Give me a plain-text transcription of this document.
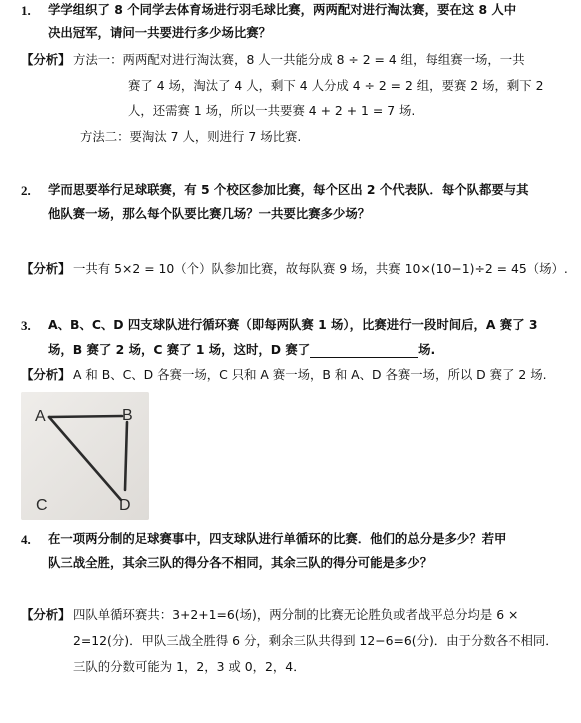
1. 学学组织了 8 个同学去体育场进行羽毛球比赛，两两配对进行淘汰赛，要在这 8 人中
决出冠军，请问一共要进行多少场比赛？
【分析】 方法一：两两配对进行淘汰赛，8 人一共能分成 8 ÷ 2 = 4 组，每组赛一场，一共
赛了 4 场，淘汰了 4 人，剩下 4 人分成 4 ÷ 2 = 2 组，要赛 2 场，剩下 2
人，还需赛 1 场，所以一共要赛 4 + 2 + 1 = 7 场.
方法二：要淘汰 7 人，则进行 7 场比赛.
2. 学而思要举行足球联赛，有 5 个校区参加比赛，每个区出 2 个代表队．每个队都要与其
他队赛一场，那么每个队要比赛几场？一共要比赛多少场？
【分析】 一共有 5×2 = 10（个）队参加比赛，故每队赛 9 场，共赛 10×(10−1)÷2 = 45（场）.
3. A、B、C、D 四支球队进行循环赛（即每两队赛 1 场），比赛进行一段时间后，A 赛了 3
场，B 赛了 2 场，C 赛了 1 场，这时，D 赛了	场.
【分析】 A 和 B、C、D 各赛一场，C 只和 A 赛一场，B 和 A、D 各赛一场，所以 D 赛了 2 场.
A	B
C	D
4. 在一项两分制的足球赛事中，四支球队进行单循环的比赛．他们的总分是多少？若甲
队三战全胜，其余三队的得分各不相同，其余三队的得分可能是多少？
【分析】 四队单循环赛共：3+2+1=6(场)，两分制的比赛无论胜负或者战平总分均是 6 ×
2=12(分)．甲队三战全胜得 6 分，剩余三队共得到 12−6=6(分)．由于分数各不相同．
三队的分数可能为 1，2，3 或 0，2，4．
